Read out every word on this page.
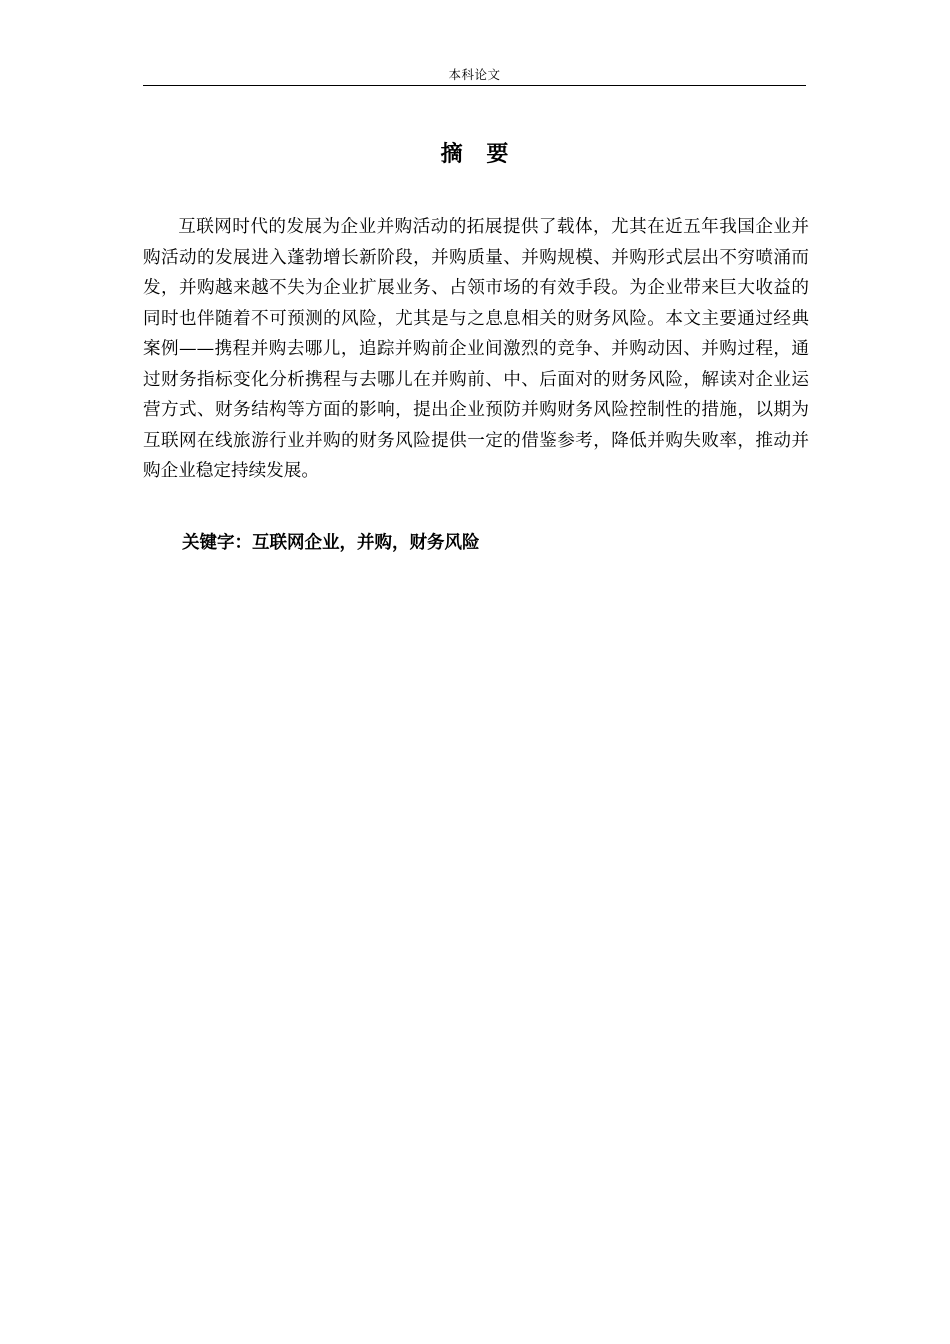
本科论文
摘 要

互联网时代的发展为企业并购活动的拓展提供了载体，尤其在近五年我国企业并购活动的发展进入蓬勃增长新阶段，并购质量、并购规模、并购形式层出不穷喷涌而发，并购越来越不失为企业扩展业务、占领市场的有效手段。为企业带来巨大收益的同时也伴随着不可预测的风险，尤其是与之息息相关的财务风险。本文主要通过经典案例——携程并购去哪儿，追踪并购前企业间激烈的竞争、并购动因、并购过程，通过财务指标变化分析携程与去哪儿在并购前、中、后面对的财务风险，解读对企业运营方式、财务结构等方面的影响，提出企业预防并购财务风险控制性的措施，以期为互联网在线旅游行业并购的财务风险提供一定的借鉴参考，降低并购失败率，推动并购企业稳定持续发展。

关键字：互联网企业，并购，财务风险
